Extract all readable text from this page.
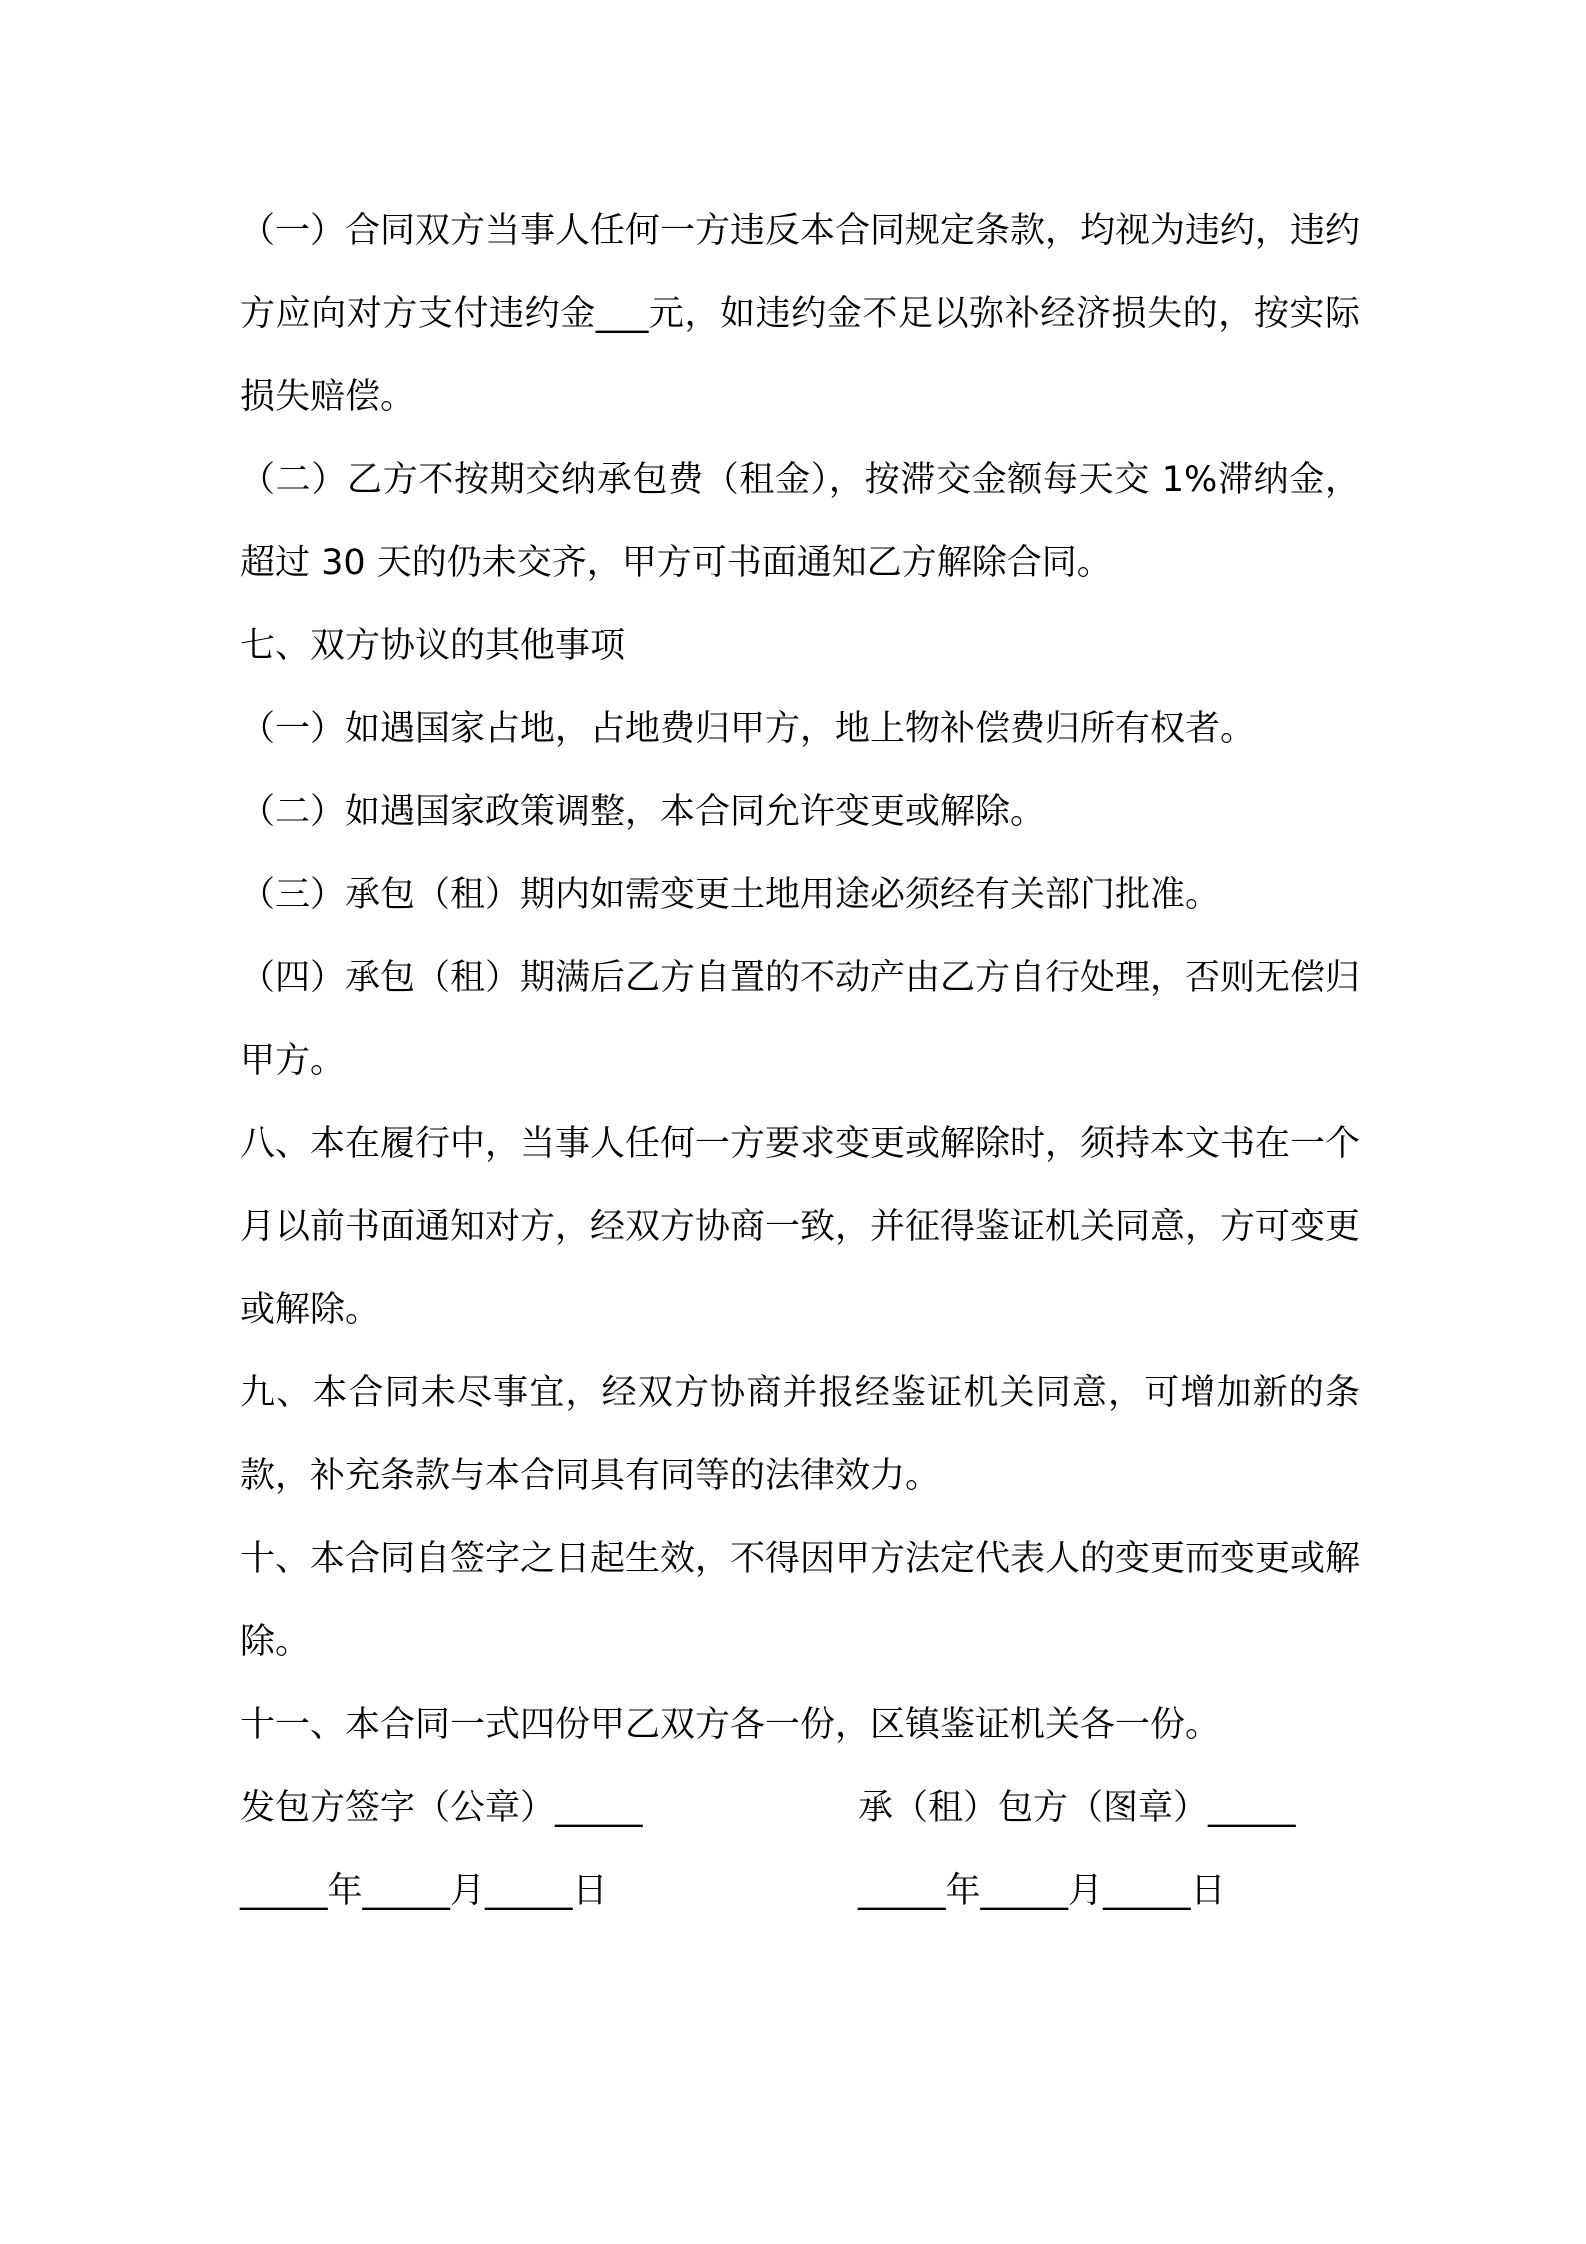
（一）合同双方当事人任何一方违反本合同规定条款，均视为违约，违约方应向对方支付违约金___元，如违约金不足以弥补经济损失的，按实际损失赔偿。

（二）乙方不按期交纳承包费（租金），按滞交金额每天交 1%滞纳金，超过 30 天的仍未交齐，甲方可书面通知乙方解除合同。

七、双方协议的其他事项

（一）如遇国家占地，占地费归甲方，地上物补偿费归所有权者。

（二）如遇国家政策调整，本合同允许变更或解除。

（三）承包（租）期内如需变更土地用途必须经有关部门批准。

（四）承包（租）期满后乙方自置的不动产由乙方自行处理，否则无偿归甲方。

八、本在履行中，当事人任何一方要求变更或解除时，须持本文书在一个月以前书面通知对方，经双方协商一致，并征得鉴证机关同意，方可变更或解除。

九、本合同未尽事宜，经双方协商并报经鉴证机关同意，可增加新的条款，补充条款与本合同具有同等的法律效力。

十、本合同自签字之日起生效，不得因甲方法定代表人的变更而变更或解除。

十一、本合同一式四份甲乙双方各一份，区镇鉴证机关各一份。

发包方签字（公章）_____	承（租）包方（图章）_____
_____年_____月_____日	_____年_____月_____日
